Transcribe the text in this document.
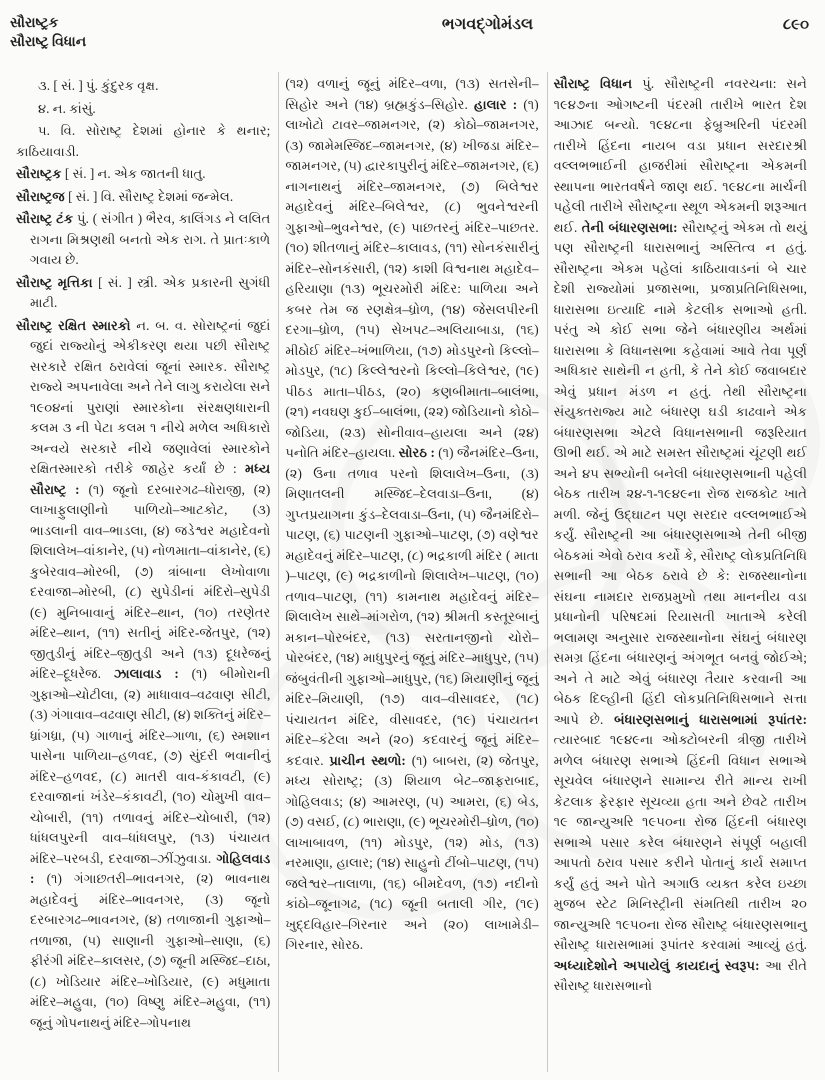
સૌરાષ્ટ્રક
સૌરાષ્ટ્ર વિધાન
ભગવદ્ગોમંડલ	૮૯૦

૩. [ સં. ] પું. કુંદુરક વૃક્ષ.

૪. ન. કાંસું.

૫. વિ. સોરાષ્ટ્ર દેશમાં હોનાર કે થનાર; કાઠિયાવાડી.

સૌરાષ્ટ્રક [ સં. ] ન. એક જાતની ધાતુ.

સૌરાષ્ટ્રજ [ સં. ] વિ. સૌરાષ્ટ્ર દેશમાં જન્મેલ.

સૌરાષ્ટ્ર ટંક પું. ( સંગીત ) ભૈરવ, કાલિંગડ ને લલિત રાગના મિશ્રણથી બનતો એક રાગ. તે પ્રાતઃકાળે ગવાય છે.

સૌરાષ્ટ્ર મૃત્તિકા [ સં. ] સ્ત્રી. એક પ્રકારની સુગંધી માટી.

સૌરાષ્ટ્ર રક્ષિત સ્મારકો ન. બ. વ. સોરાષ્ટ્રનાં જુદાં જુદાં રાજ્યોનું એકીકરણ થયા પછી સૌરાષ્ટ્ર સરકારે રક્ષિત ઠરાવેલાં જૂનાં સ્મારક. સૌરાષ્ટ્ર રાજ્યે અપનાવેલા અને તેને લાગુ કરાયેલા સને ૧૯૦૪નાં પુરાણાં સ્મારકોના સંરક્ષણધારાની કલમ ૩ ની પેટા કલમ ૧ નીચે મળેલ અધિકારો અન્વયે સરકારે નીચે જણાવેલાં સ્મારકોને રક્ષિતસ્મારકો તરીકે જાહેર કર્યાં છે : મધ્ય સૌરાષ્ટ્ર : (૧) જૂનો દરબારગઢ–ધોરાજી, (૨) લાખાફુલાણીનો પાળિયો–આટકોટ, (૩) ભાડલાની વાવ–ભાડલા, (૪) જડેશ્વર મહાદેવનો શિલાલેખ–વાંકાનેર, (૫) નોળમાતા–વાંકાનેર, (૬) કુબેરવાવ–મોરબી, (૭) ત્રાંબાના લેખોવાળા દરવાજા–મોરબી, (૮) સુપેડીનાં મંદિરો–સુપેડી (૯) મુનિબાવાનું મંદિર–થાન, (૧૦) તરણેતર મંદિર–થાન, (૧૧) સતીનું મંદિર-જેતપુર, (૧૨) જીતુડીનું મંદિર–જીતુડી અને (૧૩) દૂધરેજનું મંદિર–દૂધરેજ. ઝાલાવાડ : (૧) બીમોરાની ગુફાઓ–ચોટીલા, (૨) માધાવાવ–વઢવાણ સીટી, (૩) ગંગાવાવ–વઢવાણ સીટી, (૪) શક્તિનું મંદિર–ધ્રાંગધ્રા, (૫) ગાળાનું મંદિર–ગાળા, (૬) સ્મશાન પાસેના પાળિયા–હળવદ, (૭) સુંદરી ભવાનીનું મંદિર–હળવદ, (૮) માતરી વાવ-કંકાવટી, (૯) દરવાજાનાં ખંડેર–કંકાવટી, (૧૦) ચોમુખી વાવ–ચોબારી, (૧૧) તળાવનું મંદિર–ચોબારી, (૧૨) ધાંધલપુરની વાવ–ધાંધલપુર, (૧૩) પંચાયત મંદિર–પરબડી, દરવાજા–ઝીંઝુવાડા. ગોહિલવાડ : (૧) ગંગાછતરી–ભાવનગર, (૨) ભાવનાથ મહાદેવનું મંદિર–ભાવનગર, (૩) જૂનો દરબારગઢ–ભાવનગર, (૪) તળાજાની ગુફાઓ–તળાજા, (૫) સાણાની ગુફાઓ–સાણા, (૬) ફીરંગી મંદિર–કાલસર, (૭) જૂની મસ્જિદ–દાઠા, (૮) ખોડિયાર મંદિર–ખોડિયાર, (૯) મધુમાતા મંદિર–મહુવા, (૧૦) વિષ્ણુ મંદિર–મહુવા, (૧૧) જૂનું ગોપનાથનું મંદિર–ગોપનાથ

(૧૨) વળાનું જૂનું મંદિર–વળા, (૧૩) સતસેની–સિહોર અને (૧૪) બ્રહ્મકુંડ–સિહોર. હાલાર : (૧) લાખોટો ટાવર–જામનગર, (૨) કોઠો–જામનગર, (૩) જામેમસ્જિદ–જામનગર, (૪) ખીજડા મંદિર–જામનગર, (૫) દ્વારકાપુરીનું મંદિર–જામનગર, (૬) નાગનાથનું મંદિર–જામનગર, (૭) બિલેશ્વર મહાદેવનું મંદિર–બિલેશ્વર, (૮) ભુવનેશ્વરની ગુફાઓ–ભુવનેશ્વર, (૯) પાછતરનું મંદિર–પાછતર. (૧૦) શીતળાનું મંદિર–કાલાવડ, (૧૧) સોનકંસારીનું મંદિર–સોનકંસારી, (૧૨) કાશી વિશ્વનાથ મહાદેવ–હરિયાણા (૧૩) ભૂચરમોરી મંદિર: પાળિયા અને કબર તેમ જ રણક્ષેત્ર–ધ્રોળ, (૧૪) જેસલપીરની દરગા–ધ્રોળ, (૧૫) સેખપટ–અલિયાબાડા, (૧૬) મીઠોઈ મંદિર–ખંભાળિયા, (૧૭) મોડપુરનો કિલ્લો–મોડપુર, (૧૮) કિલ્લેશ્વરનો કિલ્લો–કિલેશ્વર, (૧૯) પીઠડ માતા–પીઠડ, (૨૦) કણબીમાતા–બાલંભા, (૨૧) નવઘણ કુઈ–બાલંભા, (૨૨) જોડિયાનો કોઠો–જોડિયા, (૨૩) સોનીવાવ–હાયલા અને (૨૪) પનોતિ મંદિર–હાયલા. સોરઠ : (૧) જૈનમંદિર–ઉના, (૨) ઉના તળાવ પરનો શિલાલેખ–ઉના, (૩) મિણાતલની મસ્જિદ–દેલવાડા–ઉના, (૪) ગુપ્તપ્રયાગના કુંડ–દેલવાડા–ઉના, (૫) જૈનમંદિરો–પાટણ, (૬) પાટણની ગુફાઓ–પાટણ, (૭) વણેશ્વર મહાદેવનું મંદિર–પાટણ, (૮) ભદ્રકાળી મંદિર ( માતા )–પાટણ, (૯) ભદ્રકાળીનો શિલાલેખ–પાટણ, (૧૦) તળાવ–પાટણ, (૧૧) કામનાથ મહાદેવનું મંદિર–શિલાલેખ સાથે–માંગરોળ, (૧૨) શ્રીમતી કસ્તૂરબાનું મકાન–પોરબંદર, (૧૩) સરતાનજીનો ચોરો–પોરબંદર, (૧૪) માધુપુરનું જૂનું મંદિર–માધુપુર, (૧૫) જંબુવંતીની ગુફાઓ–માધુપુર, (૧૬) મિયાણીનું જૂનું મંદિર–મિયાણી, (૧૭) વાવ–વીસાવદર, (૧૮) પંચાયતન મંદિર, વીસાવદર, (૧૯) પંચાયતન મંદિર–કંટેલા અને (૨૦) કદવારનું જૂનું મંદિર–કદવાર. પ્રાચીન સ્થળો: (૧) બાબરા, (૨) જેતપુર, મધ્ય સોરાષ્ટ્ર; (૩) શિયાળ બેટ–જાફરાબાદ, ગોહિલવાડ; (૪) આમરણ, (૫) આમરા, (૬) બેડ, (૭) વસઈ, (૮) ભારાણા, (૯) ભૂચરમોરી–ધ્રોળ, (૧૦) લાખાબાવળ, (૧૧) મોડપુર, (૧૨) મોડ, (૧૩) નરમાણા, હાલાર; (૧૪) સાહુનો ટીંબો–પાટણ, (૧૫) જલેશ્વર–તાલાળા, (૧૬) બીમદેવળ, (૧૭) નદીનો કાંઠો–જૂનાગઢ, (૧૮) જૂની બતાલી ગીર, (૧૯) ખુદ્દવિહાર–ગિરનાર અને (૨૦) લાખામેડી–ગિરનાર, સોરઠ.

સૌરાષ્ટ્ર વિધાન પું. સૌરાષ્ટ્રની નવરચના: સને ૧૯૪૭ના ઓગષ્ટની પંદરમી તારીખે ભારત દેશ આઝાદ બન્યો. ૧૯૪૮ના ફેબ્રુઅરિની પંદરમી તારીખે હિંદના નાયબ વડા પ્રધાન સરદારશ્રી વલ્લભભાઈની હાજરીમાં સૌરાષ્ટ્રના એકમની સ્થાપના ભારતવર્ષને જાણ થઈ. ૧૯૪૮ના માર્ચની પહેલી તારીખે સૌરાષ્ટ્રના સ્થૂળ એકમની શરૂઆત થઈ. તેની બંધારણસભા: સૌરાષ્ટ્રનું એકમ તો થયું પણ સૌરાષ્ટ્રની ધારાસભાનું અસ્તિત્વ ન હતું. સૌરાષ્ટ્રના એકમ પહેલાં કાઠિયાવાડનાં બે ચાર દેશી રાજ્યોમાં પ્રજાસભા, પ્રજાપ્રતિનિધિસભા, ધારાસભા ઇત્યાદિ નામે કેટલીક સભાઓ હતી. પરંતુ એ કોઈ સભા જેને બંધારણીય અર્થમાં ધારાસભા કે વિધાનસભા કહેવામાં આવે તેવા પૂર્ણ અધિકાર સાથેની ન હતી, કે તેને કોઈ જવાબદાર એવું પ્રધાન મંડળ ન હતું. તેથી સૌરાષ્ટ્રના સંયુક્તરાજ્ય માટે બંધારણ ઘડી કાઢવાને એક બંધારણસભા એટલે વિધાનસભાની જરૂરિયાત ઊભી થઈ. એ માટે સમસ્ત સૌરાષ્ટ્રમાં ચૂંટણી થઈ અને ૪૫ સભ્યોની બનેલી બંધારણસભાની પહેલી બેઠક તારીખ ૨૪-૧-૧૯૪૯ના રોજ રાજકોટ ખાતે મળી. જેનું ઉદ્ઘાટન પણ સરદાર વલ્લભભાઈએ કર્યું. સૌરાષ્ટ્રની આ બંધારણસભાએ તેની બીજી બેઠકમાં એવો ઠરાવ કર્યો કે, સૌરાષ્ટ્ર લોકપ્રતિનિધિ સભાની આ બેઠક ઠરાવે છે કે: રાજસ્થાનોના સંઘના નામદાર રાજપ્રમુખો તથા માનનીય વડા પ્રધાનોની પરિષદમાં રિયાસતી ખાતાએ કરેલી ભલામણ અનુસાર રાજસ્થાનોના સંઘનું બંધારણ સમગ્ર હિંદના બંધારણનું અંગભૂત બનવું જોઈએ; અને તે માટે એવું બંધારણ તૈયાર કરવાની આ બેઠક દિલ્હીની હિંદી લોકપ્રતિનિધિસભાને સત્તા આપે છે. બંધારણસભાનું ધારાસભામાં રૂપાંતર: ત્યારબાદ ૧૯૪૯ના ઓક્ટોબરની ત્રીજી તારીખે મળેલ બંધારણ સભાએ હિંદની વિધાન સભાએ સૂચવેલ બંધારણને સામાન્ય રીતે માન્ય રાખી કેટલાક ફેરફાર સૂચવ્યા હતા અને છેવટે તારીખ ૧૯ જાન્યુઅરિ ૧૯૫૦ના રોજ હિંદની બંધારણ સભાએ પસાર કરેલ બંધારણને સંપૂર્ણ બહાલી આપતો ઠરાવ પસાર કરીને પોતાનું કાર્ય સમાપ્ત કર્યું હતું અને પોતે અગાઉ વ્યક્ત કરેલ ઇચ્છા મુજબ સ્ટેટ મિનિસ્ટ્રીની સંમતિથી તારીખ ૨૦ જાન્યુઅરિ ૧૯૫૦ના રોજ સૌરાષ્ટ્ર બંધારણસભાનુ સૌરાષ્ટ્ર ધારાસભામાં રૂપાંતર કરવામાં આવ્યું હતું. અધ્યાદેશોને અપાયેલું કાયદાનું સ્વરૂપ: આ રીતે સૌરાષ્ટ્ર ધારાસભાનો
